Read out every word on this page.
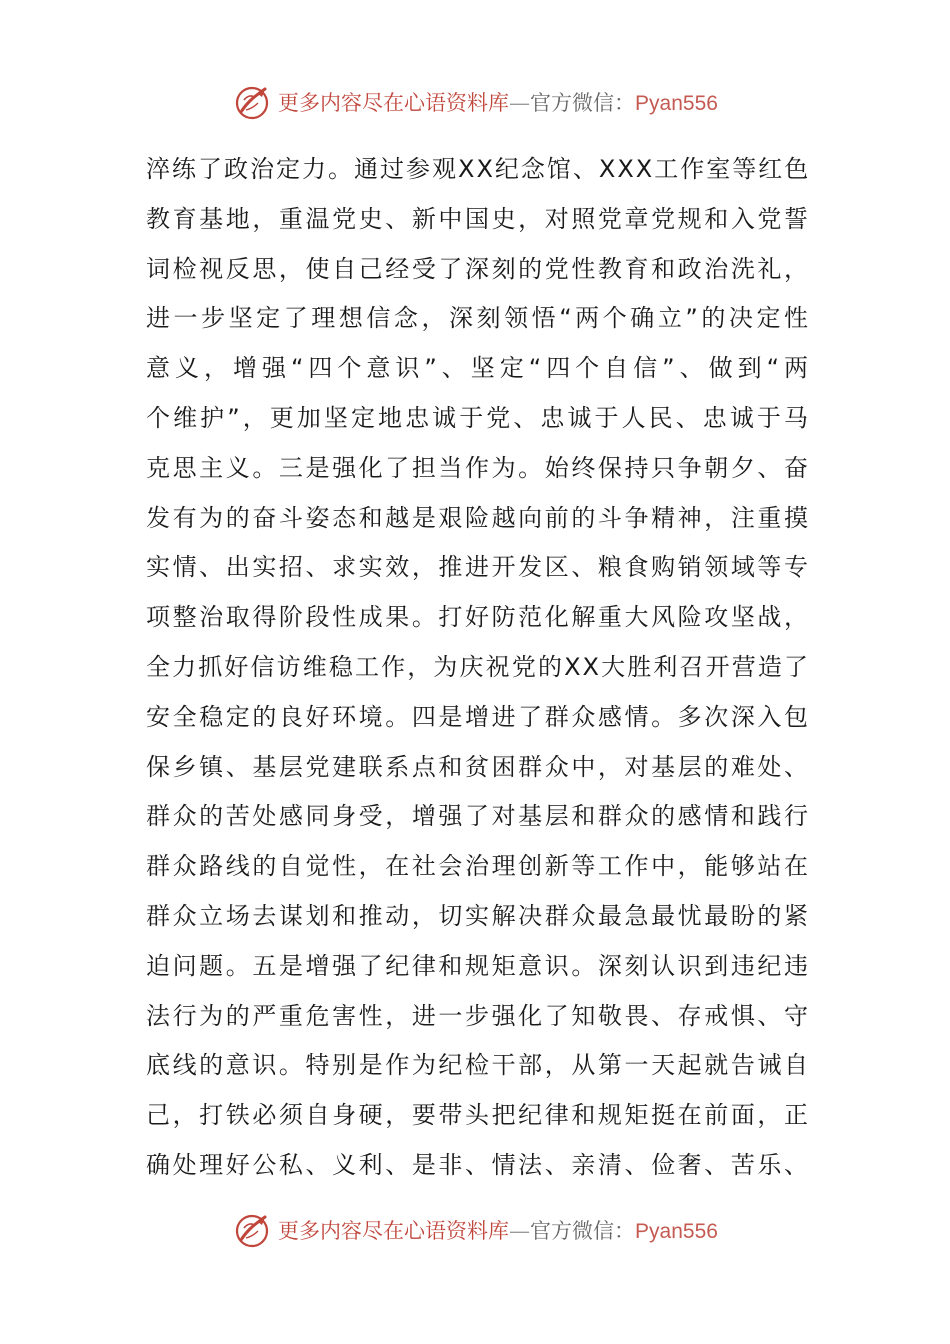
更多内容尽在心语资料库—官方微信：Pyan556
淬练了政治定力。通过参观XX纪念馆、XXX工作室等红色
教育基地，重温党史、新中国史，对照党章党规和入党誓
词检视反思，使自己经受了深刻的党性教育和政治洗礼，
进一步坚定了理想信念，深刻领悟“两个确立”的决定性
意义，增强“四个意识”、坚定“四个自信”、做到“两
个维护”，更加坚定地忠诚于党、忠诚于人民、忠诚于马
克思主义。三是强化了担当作为。始终保持只争朝夕、奋
发有为的奋斗姿态和越是艰险越向前的斗争精神，注重摸
实情、出实招、求实效，推进开发区、粮食购销领域等专
项整治取得阶段性成果。打好防范化解重大风险攻坚战，
全力抓好信访维稳工作，为庆祝党的XX大胜利召开营造了
安全稳定的良好环境。四是增进了群众感情。多次深入包
保乡镇、基层党建联系点和贫困群众中，对基层的难处、
群众的苦处感同身受，增强了对基层和群众的感情和践行
群众路线的自觉性，在社会治理创新等工作中，能够站在
群众立场去谋划和推动，切实解决群众最急最忧最盼的紧
迫问题。五是增强了纪律和规矩意识。深刻认识到违纪违
法行为的严重危害性，进一步强化了知敬畏、存戒惧、守
底线的意识。特别是作为纪检干部，从第一天起就告诫自
己，打铁必须自身硬，要带头把纪律和规矩挺在前面，正
确处理好公私、义利、是非、情法、亲清、俭奢、苦乐、
更多内容尽在心语资料库—官方微信：Pyan556
